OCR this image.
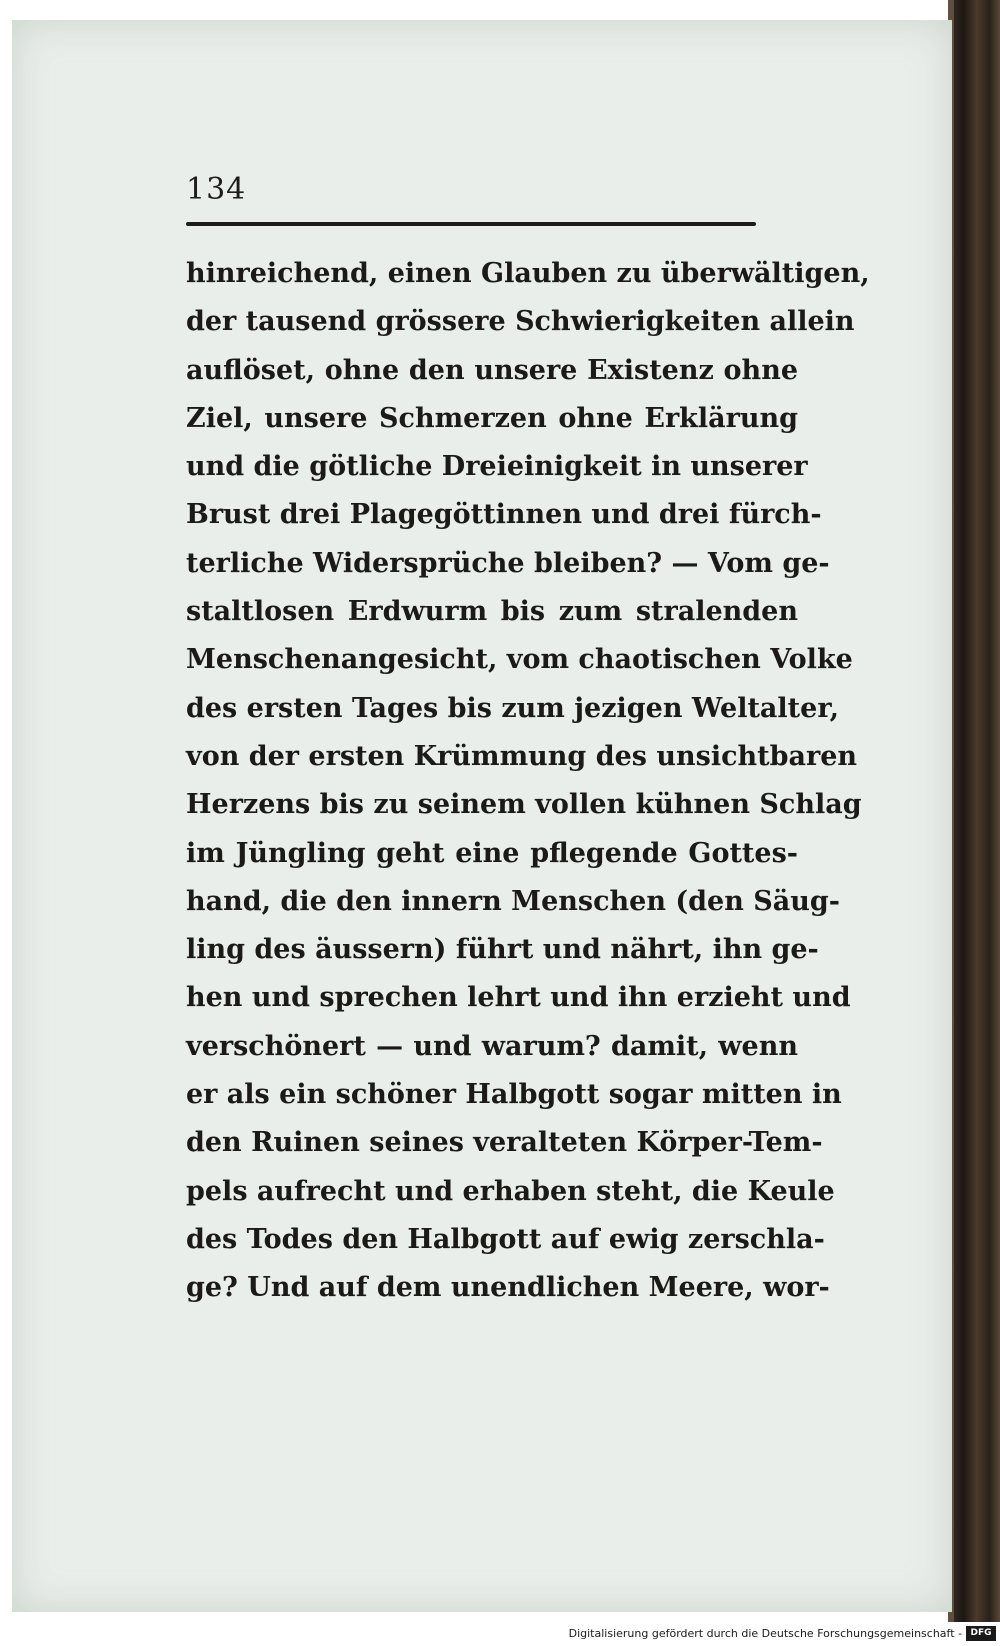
134
hinreichend, einen Glauben zu überwältigen,
der tausend grössere Schwierigkeiten allein
auflöset, ohne den unsere Existenz ohne
Ziel, unsere Schmerzen ohne Erklärung
und die götliche Dreieinigkeit in unserer
Brust drei Plagegöttinnen und drei fürch-
terliche Widersprüche bleiben? — Vom ge-
staltlosen Erdwurm bis zum stralenden
Menschenangesicht, vom chaotischen Volke
des ersten Tages bis zum jezigen Weltalter,
von der ersten Krümmung des unsichtbaren
Herzens bis zu seinem vollen kühnen Schlag
im Jüngling geht eine pflegende Gottes-
hand, die den innern Menschen (den Säug-
ling des äussern) führt und nährt, ihn ge-
hen und sprechen lehrt und ihn erzieht und
verschönert — und warum? damit, wenn
er als ein schöner Halbgott sogar mitten in
den Ruinen seines veralteten Körper-Tem-
pels aufrecht und erhaben steht, die Keule
des Todes den Halbgott auf ewig zerschla-
ge? Und auf dem unendlichen Meere, wor-
Digitalisierung gefördert durch die Deutsche Forschungsgemeinschaft - DFG
